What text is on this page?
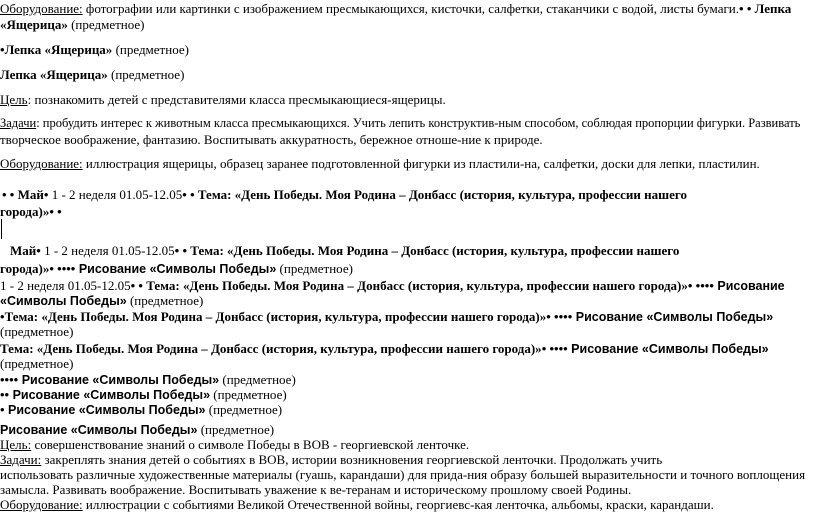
Оборудование: фотографии или картинки с изображением пресмыкающихся, кисточки, салфетки, стаканчики с водой, листы бумаги.• • Лепка
«Ящерица» (предметное)
•Лепка «Ящерица» (предметное)
Лепка «Ящерица» (предметное)
Цель: познакомить детей с представителями класса пресмыкающиеся-ящерицы.
Задачи: пробудить интерес к животным класса пресмыкающихся. Учить лепить конструктив-ным способом, соблюдая пропорции фигурки. Развивать
творческое воображение, фантазию. Воспитывать аккуратность, бережное отноше-ние к природе.
Оборудование: иллюстрация ящерицы, образец заранее подготовленной фигурки из пластили-на, салфетки, доски для лепки, пластилин.
• • Май• 1 - 2 неделя 01.05-12.05• • Тема: «День Победы. Моя Родина – Донбасс (история, культура, профессии нашего
города)»• •
Май• 1 - 2 неделя 01.05-12.05• • Тема: «День Победы. Моя Родина – Донбасс (история, культура, профессии нашего
города)»• •••• Рисование «Символы Победы» (предметное)
1 - 2 неделя 01.05-12.05• • Тема: «День Победы. Моя Родина – Донбасс (история, культура, профессии нашего города)»• •••• Рисование
«Символы Победы» (предметное)
•Тема: «День Победы. Моя Родина – Донбасс (история, культура, профессии нашего города)»• •••• Рисование «Символы Победы»
(предметное)
Тема: «День Победы. Моя Родина – Донбасс (история, культура, профессии нашего города)»• •••• Рисование «Символы Победы»
(предметное)
•••• Рисование «Символы Победы» (предметное)
•• Рисование «Символы Победы» (предметное)
• Рисование «Символы Победы» (предметное)
Рисование «Символы Победы» (предметное)
Цель: совершенствование знаний о символе Победы в ВОВ - георгиевской ленточке.
Задачи: закреплять знания детей о событиях в ВОВ, истории возникновения георгиевской ленточки. Продолжать учить
использовать различные художественные материалы (гуашь, карандаши) для прида-ния образу большей выразительности и точного воплощения
замысла. Развивать воображение. Воспитывать уважение к ве-теранам и историческому прошлому своей Родины.
Оборудование: иллюстрации с событиями Великой Отечественной войны, георгиевс-кая ленточка, альбомы, краски, карандаши.
